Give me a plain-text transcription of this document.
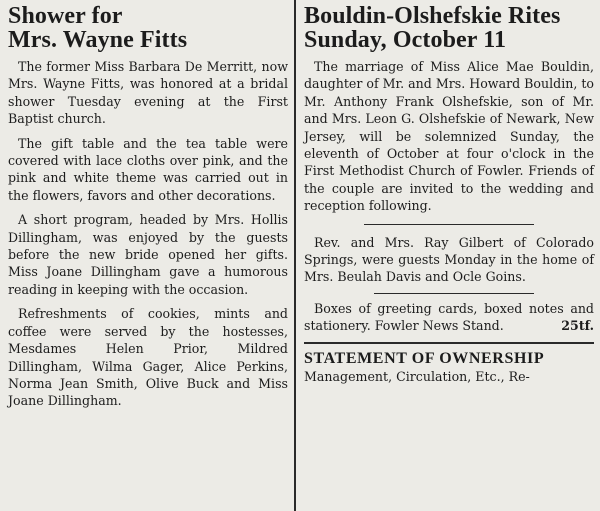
Shower for
Mrs. Wayne Fitts

The former Miss Barbara De Merritt, now Mrs. Wayne Fitts, was honored at a bridal shower Tuesday evening at the First Baptist church.

The gift table and the tea table were covered with lace cloths over pink, and the pink and white theme was carried out in the flowers, favors and other decorations.

A short program, headed by Mrs. Hollis Dillingham, was enjoyed by the guests before the new bride opened her gifts. Miss Joane Dillingham gave a humorous reading in keeping with the occasion.

Refreshments of cookies, mints and coffee were served by the hostesses, Mesdames Helen Prior, Mildred Dillingham, Wilma Gager, Alice Perkins, Norma Jean Smith, Olive Buck and Miss Joane Dillingham.

Bouldin-Olshefskie Rites
Sunday, October 11

The marriage of Miss Alice Mae Bouldin, daughter of Mr. and Mrs. Howard Bouldin, to Mr. Anthony Frank Olshefskie, son of Mr. and Mrs. Leon G. Olshefskie of Newark, New Jersey, will be solemnized Sunday, the eleventh of October at four o'clock in the First Methodist Church of Fowler. Friends of the couple are invited to the wedding and reception following.

Rev. and Mrs. Ray Gilbert of Colorado Springs, were guests Monday in the home of Mrs. Beulah Davis and Ocle Goins.

Boxes of greeting cards, boxed notes and stationery. Fowler News Stand.	25tf.

STATEMENT OF OWNERSHIP

Management, Circulation, Etc., Re-
